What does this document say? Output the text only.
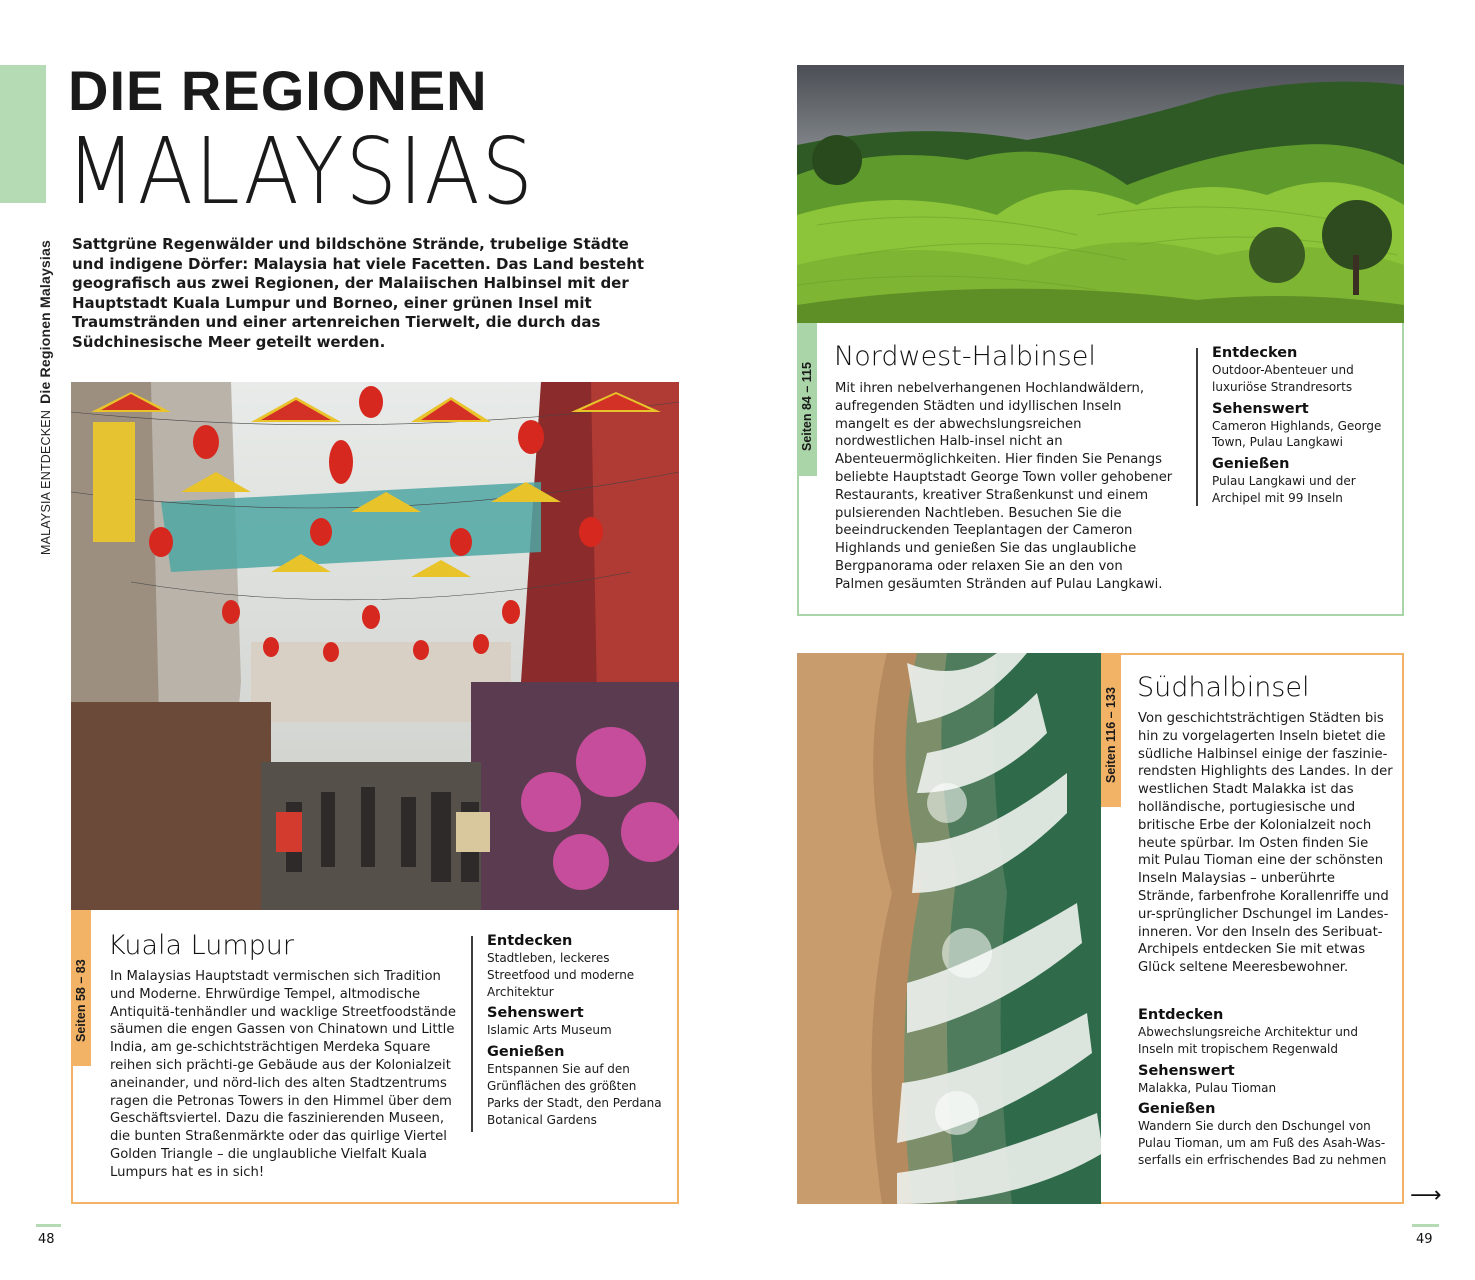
MALAYSIA ENTDECKENDie Regionen Malaysias
DIE REGIONEN
MALAYSIAS
Sattgrüne Regenwälder und bildschöne Strände, trubelige Städte und indigene Dörfer: Malaysia hat viele Facetten. Das Land besteht geografisch aus zwei Regionen, der Malaiischen Halbinsel mit der Hauptstadt Kuala Lumpur und Borneo, einer grünen Insel mit Traumstränden und einer artenreichen Tierwelt, die durch das Südchinesische Meer geteilt werden.
Seiten 58 – 83
Kuala Lumpur
In Malaysias Hauptstadt vermischen sich Tradition und Moderne. Ehrwürdige Tempel, altmodische Antiquitä-tenhändler und wacklige Streetfoodstände säumen die engen Gassen von Chinatown und Little India, am ge-schichtsträchtigen Merdeka Square reihen sich prächti-ge Gebäude aus der Kolonialzeit aneinander, und nörd-lich des alten Stadtzentrums ragen die Petronas Towers in den Himmel über dem Geschäftsviertel. Dazu die faszinierenden Museen, die bunten Straßenmärkte oder das quirlige Viertel Golden Triangle – die unglaubliche Vielfalt Kuala Lumpurs hat es in sich!
Entdecken
Stadtleben, leckeres Streetfood und moderne Architektur
Sehenswert
Islamic Arts Museum
Genießen
Entspannen Sie auf den Grünflächen des größten Parks der Stadt, den Perdana Botanical Gardens
Seiten 84 – 115
Nordwest-Halbinsel
Mit ihren nebelverhangenen Hochlandwäldern, aufregenden Städten und idyllischen Inseln mangelt es der abwechslungsreichen nordwestlichen Halb-insel nicht an Abenteuermöglichkeiten. Hier finden Sie Penangs beliebte Hauptstadt George Town voller gehobener Restaurants, kreativer Straßenkunst und einem pulsierenden Nachtleben. Besuchen Sie die beeindruckenden Teeplantagen der Cameron Highlands und genießen Sie das unglaubliche Bergpanorama oder relaxen Sie an den von Palmen gesäumten Stränden auf Pulau Langkawi.
Entdecken
Outdoor-Abenteuer und luxuriöse Strandresorts
Sehenswert
Cameron Highlands, George Town, Pulau Langkawi
Genießen
Pulau Langkawi und der Archipel mit 99 Inseln
Seiten 116 – 133 Südhalbinsel
Von geschichtsträchtigen Städten bis hin zu vorgelagerten Inseln bietet die südliche Halbinsel einige der faszinie-rendsten Highlights des Landes. In der westlichen Stadt Malakka ist das holländische, portugiesische und britische Erbe der Kolonialzeit noch heute spürbar. Im Osten finden Sie mit Pulau Tioman eine der schönsten Inseln Malaysias – unberührte Strände, farbenfrohe Korallenriffe und ur-sprünglicher Dschungel im Landes-inneren. Vor den Inseln des Seribuat-Archipels entdecken Sie mit etwas Glück seltene Meeresbewohner.
Entdecken
Abwechslungsreiche Architektur und Inseln mit tropischem Regenwald
Sehenswert
Malakka, Pulau Tioman
Genießen
Wandern Sie durch den Dschungel von Pulau Tioman, um am Fuß des Asah-Was-serfalls ein erfrischendes Bad zu nehmen
⟶
48	49
